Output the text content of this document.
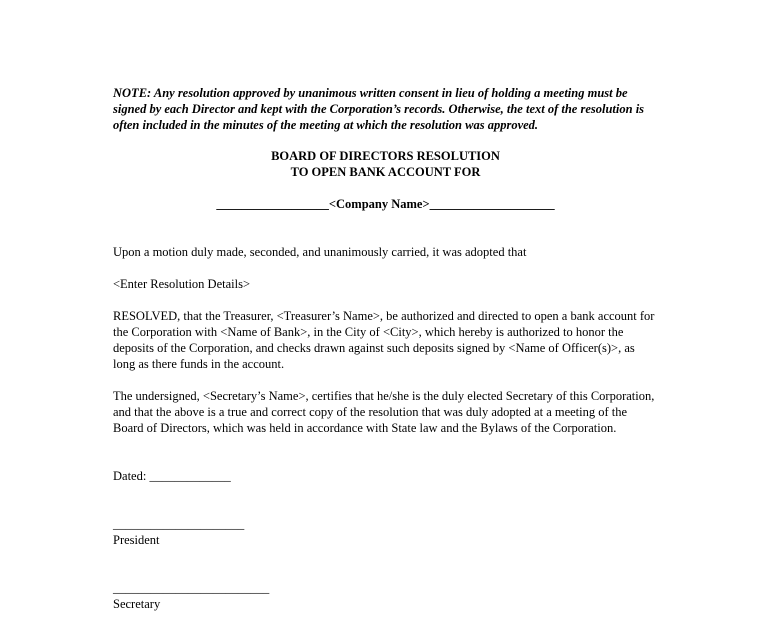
NOTE: Any resolution approved by unanimous written consent in lieu of holding a meeting must be signed by each Director and kept with the Corporation’s records. Otherwise, the text of the resolution is often included in the minutes of the meeting at which the resolution was approved.

BOARD OF DIRECTORS RESOLUTION
TO OPEN BANK ACCOUNT FOR
__________________<Company Name>____________________

Upon a motion duly made, seconded, and unanimously carried, it was adopted that

<Enter Resolution Details>

RESOLVED, that the Treasurer, <Treasurer’s Name>, be authorized and directed to open a bank account for the Corporation with <Name of Bank>, in the City of <City>, which hereby is authorized to honor the deposits of the Corporation, and checks drawn against such deposits signed by <Name of Officer(s)>, as long as there funds in the account.

The undersigned, <Secretary’s Name>, certifies that he/she is the duly elected Secretary of this Corporation, and that the above is a true and correct copy of the resolution that was duly adopted at a meeting of the Board of Directors, which was held in accordance with State law and the Bylaws of the Corporation.

Dated: _____________

_____________________
President
_________________________
Secretary
